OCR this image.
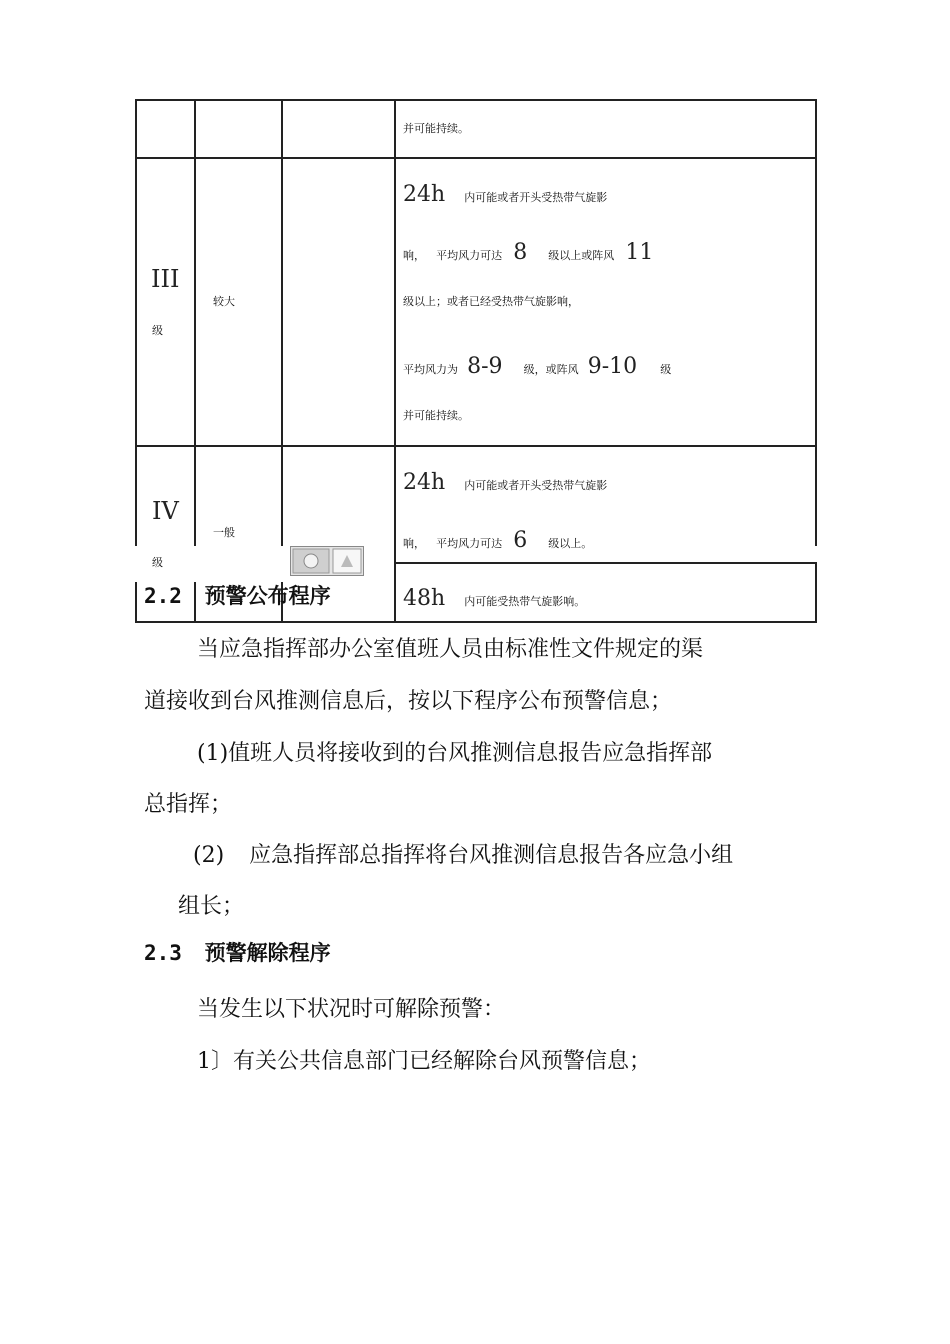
并可能持续。
III
级
较大
24h 内可能或者开头受热带气旋影
响， 平均风力可达 8 级以上或阵风 11
级以上；或者已经受热带气旋影响，
平均风力为 8-9 级，或阵风 9-10 级
并可能持续。
IV
级
一般
24h 内可能或者开头受热带气旋影
响， 平均风力可达 6 级以上。
48h 内可能受热带气旋影响。
2.2 预警公布程序
当应急指挥部办公室值班人员由标准性文件规定的渠
道接收到台风推测信息后，按以下程序公布预警信息；
(1)值班人员将接收到的台风推测信息报告应急指挥部
总指挥；
(2) 应急指挥部总指挥将台风推测信息报告各应急小组
组长；
2.3 预警解除程序
当发生以下状况时可解除预警：
1〕有关公共信息部门已经解除台风预警信息；
